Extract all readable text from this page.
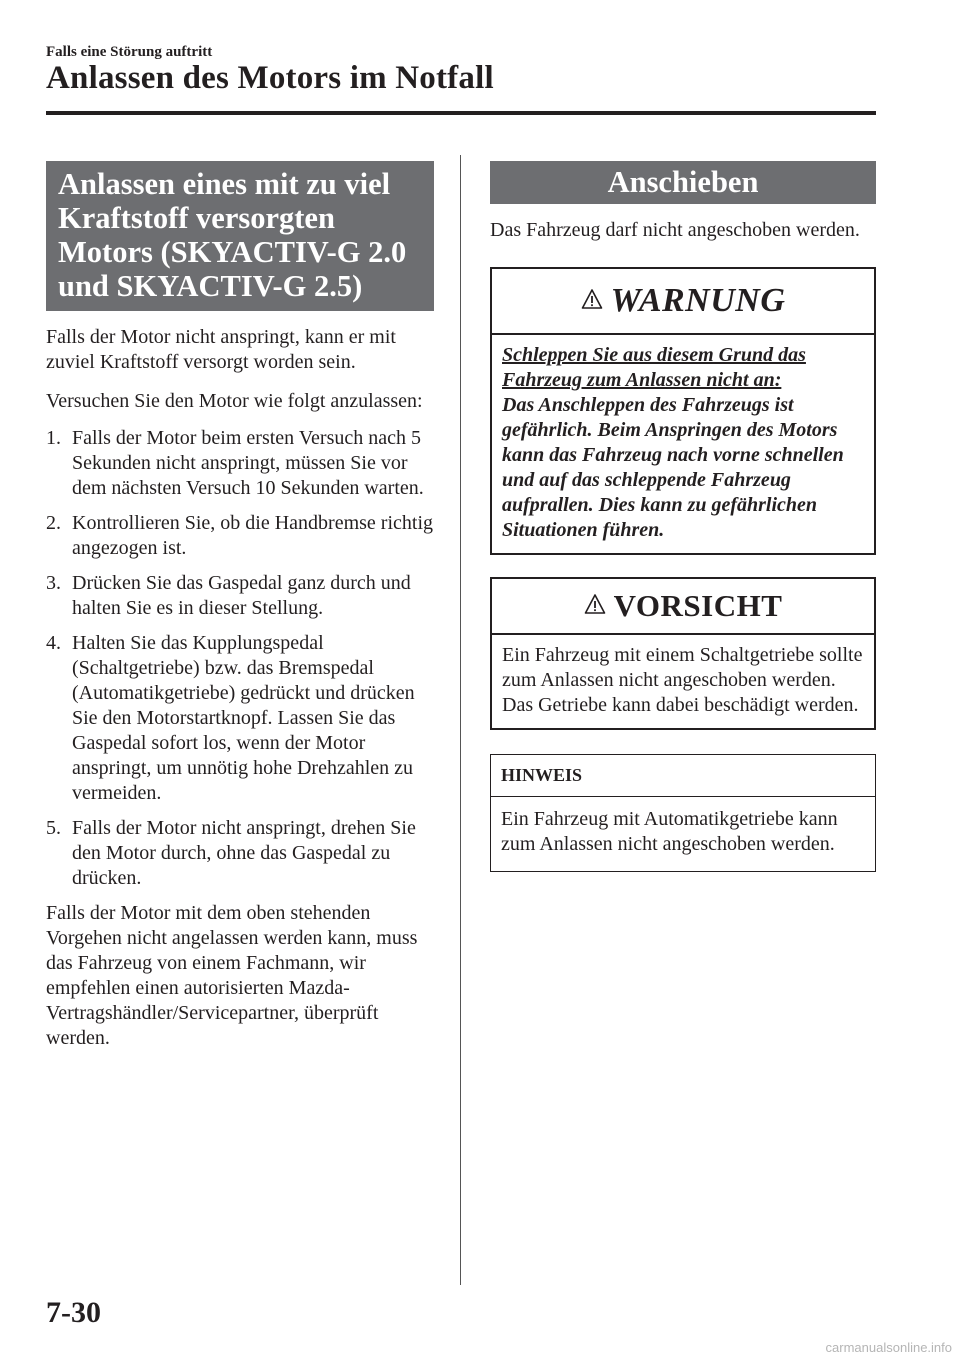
Falls eine Störung auftritt
Anlassen des Motors im Notfall
Anlassen eines mit zu viel Kraftstoff versorgten Motors (SKYACTIV-G 2.0 und SKYACTIV-G 2.5)

Falls der Motor nicht anspringt, kann er mit zuviel Kraftstoff versorgt worden sein.

Versuchen Sie den Motor wie folgt anzulassen:

1. Falls der Motor beim ersten Versuch nach 5 Sekunden nicht anspringt, müssen Sie vor dem nächsten Versuch 10 Sekunden warten.
2. Kontrollieren Sie, ob die Handbremse richtig angezogen ist.
3. Drücken Sie das Gaspedal ganz durch und halten Sie es in dieser Stellung.
4. Halten Sie das Kupplungspedal (Schaltgetriebe) bzw. das Bremspedal (Automatikgetriebe) gedrückt und drücken Sie den Motorstartknopf. Lassen Sie das Gaspedal sofort los, wenn der Motor anspringt, um unnötig hohe Drehzahlen zu vermeiden.
5. Falls der Motor nicht anspringt, drehen Sie den Motor durch, ohne das Gaspedal zu drücken.

Falls der Motor mit dem oben stehenden Vorgehen nicht angelassen werden kann, muss das Fahrzeug von einem Fachmann, wir empfehlen einen autorisierten Mazda-Vertragshändler/Servicepartner, überprüft werden.

Anschieben

Das Fahrzeug darf nicht angeschoben werden.

WARNUNG
Schleppen Sie aus diesem Grund das Fahrzeug zum Anlassen nicht an:
Das Anschleppen des Fahrzeugs ist gefährlich. Beim Anspringen des Motors kann das Fahrzeug nach vorne schnellen und auf das schleppende Fahrzeug aufprallen. Dies kann zu gefährlichen Situationen führen.
VORSICHT
Ein Fahrzeug mit einem Schaltgetriebe sollte zum Anlassen nicht angeschoben werden. Das Getriebe kann dabei beschädigt werden.
HINWEIS
Ein Fahrzeug mit Automatikgetriebe kann zum Anlassen nicht angeschoben werden.
7-30
carmanualsonline.info
